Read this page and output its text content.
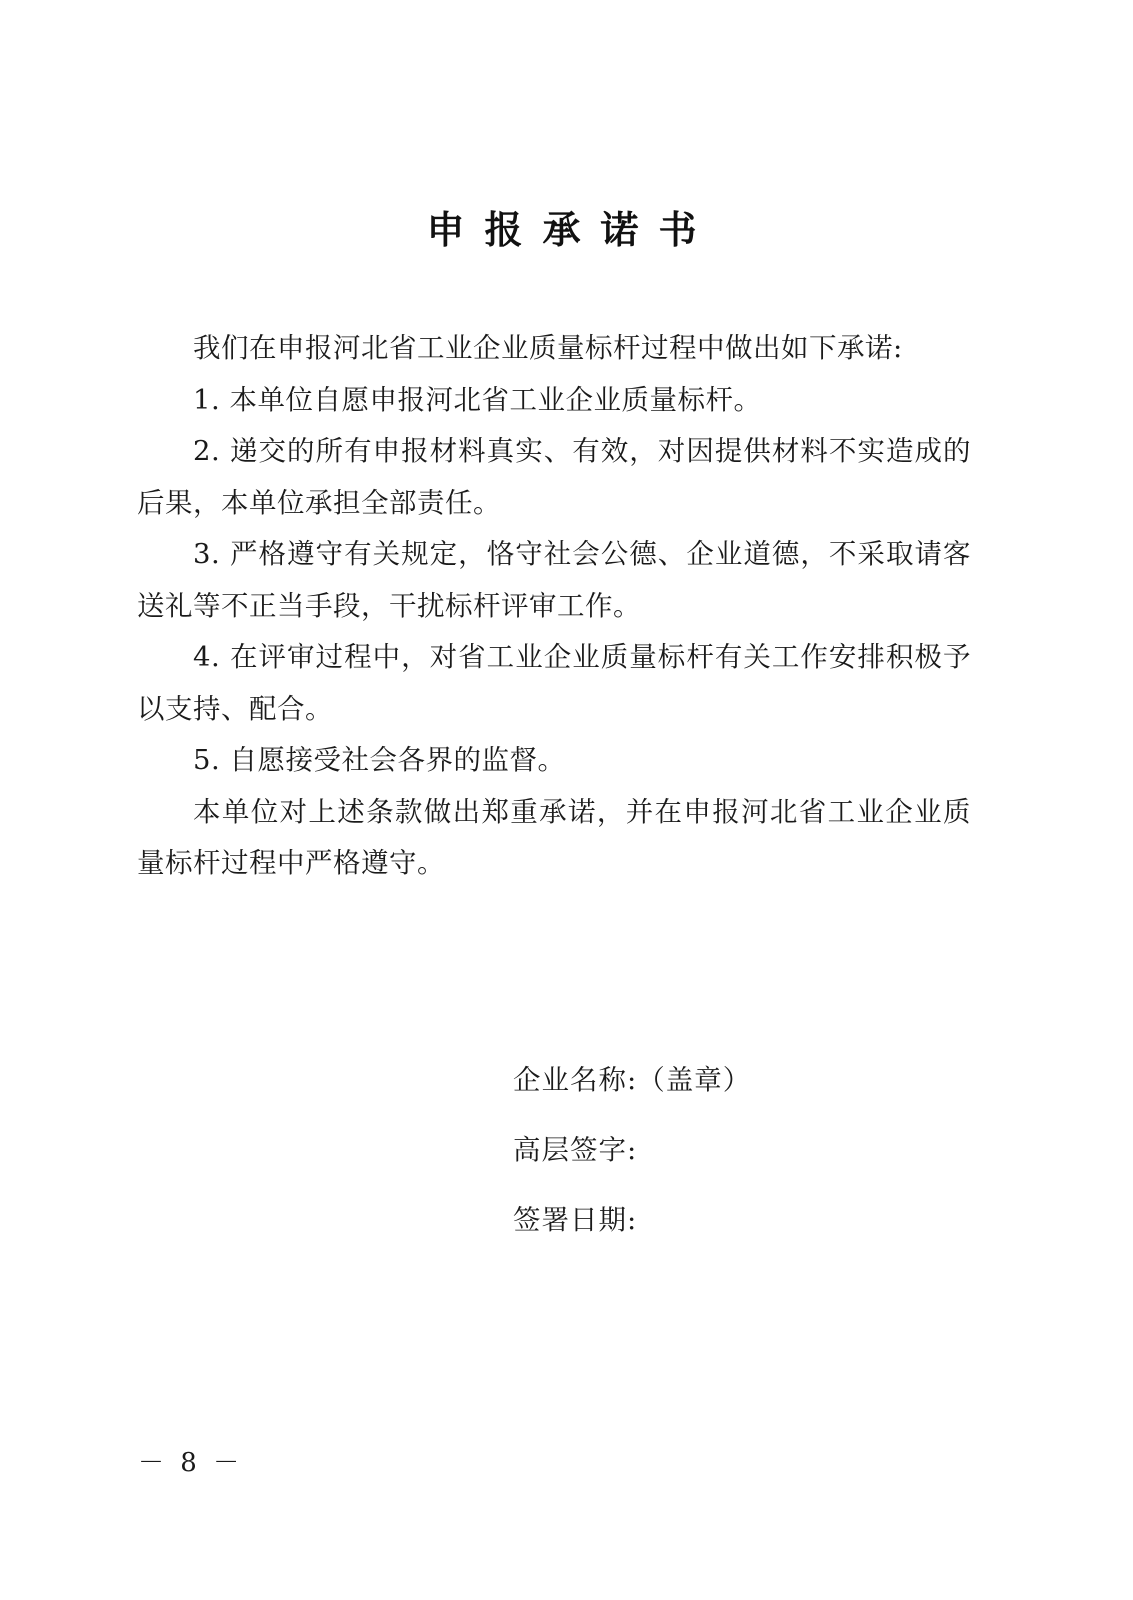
申报承诺书

我们在申报河北省工业企业质量标杆过程中做出如下承诺:

1. 本单位自愿申报河北省工业企业质量标杆。

2. 递交的所有申报材料真实、有效，对因提供材料不实造成的后果，本单位承担全部责任。

3. 严格遵守有关规定，恪守社会公德、企业道德，不采取请客送礼等不正当手段，干扰标杆评审工作。

4. 在评审过程中，对省工业企业质量标杆有关工作安排积极予以支持、配合。

5. 自愿接受社会各界的监督。

本单位对上述条款做出郑重承诺，并在申报河北省工业企业质量标杆过程中严格遵守。

企业名称:（盖章）
高层签字:
签署日期:
－ 8 －
